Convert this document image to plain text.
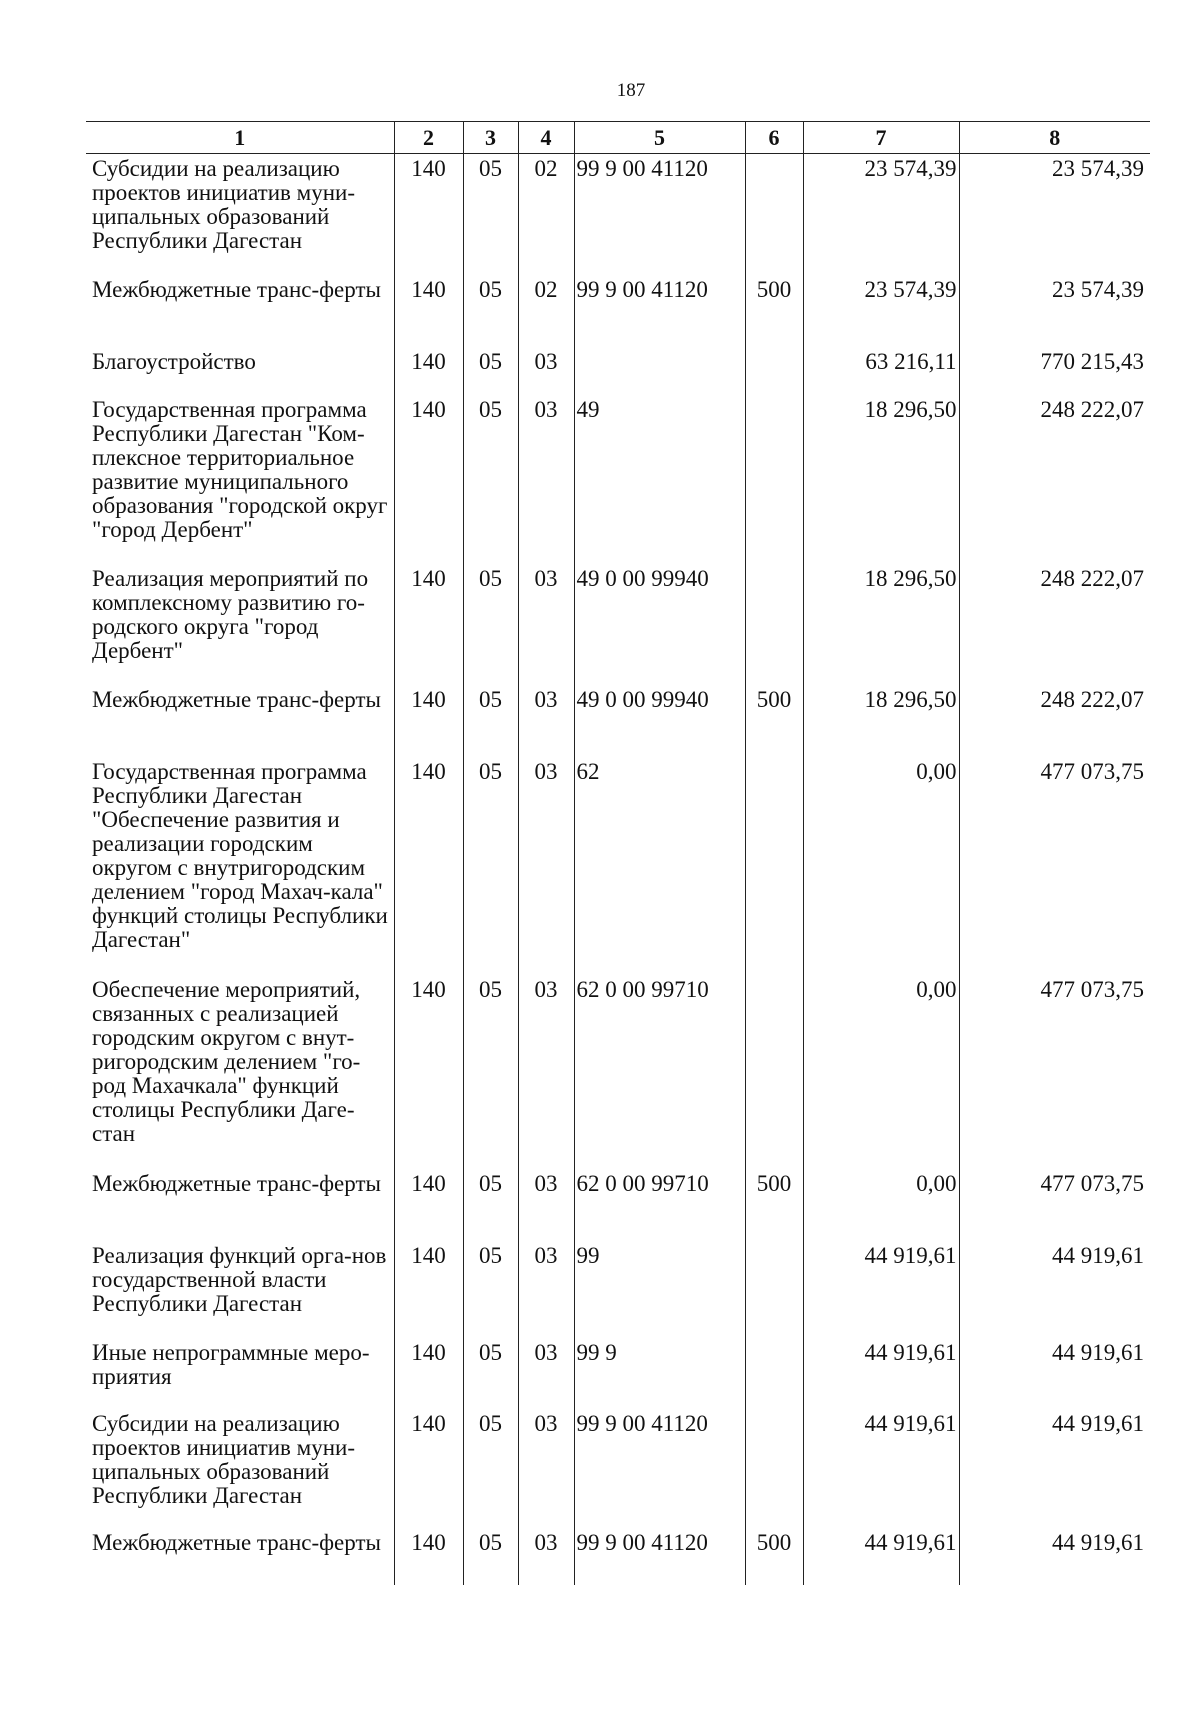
187
1	2	3	4	5	6	7	8
Субсидии на реализацию проектов инициатив муни-ципальных образований Республики Дагестан	140	05	02	99 9 00 41120		23 574,39	23 574,39
Межбюджетные транс-ферты	140	05	02	99 9 00 41120	500	23 574,39	23 574,39
Благоустройство	140	05	03			63 216,11	770 215,43
Государственная программа Республики Дагестан "Ком-плексное территориальное развитие муниципального образования "городской округ "город Дербент"	140	05	03	49		18 296,50	248 222,07
Реализация мероприятий по комплексному развитию го-родского округа "город Дербент"	140	05	03	49 0 00 99940		18 296,50	248 222,07
Межбюджетные транс-ферты	140	05	03	49 0 00 99940	500	18 296,50	248 222,07
Государственная программа Республики Дагестан "Обеспечение развития и реализации городским округом с внутригородским делением "город Махач-кала" функций столицы Республики Дагестан"	140	05	03	62		0,00	477 073,75
Обеспечение мероприятий, связанных с реализацией городским округом с внут-ригородским делением "го-род Махачкала" функций столицы Республики Даге-стан	140	05	03	62 0 00 99710		0,00	477 073,75
Межбюджетные транс-ферты	140	05	03	62 0 00 99710	500	0,00	477 073,75
Реализация функций орга-нов государственной власти Республики Дагестан	140	05	03	99		44 919,61	44 919,61
Иные непрограммные меро-приятия	140	05	03	99 9		44 919,61	44 919,61
Субсидии на реализацию проектов инициатив муни-ципальных образований Республики Дагестан	140	05	03	99 9 00 41120		44 919,61	44 919,61
Межбюджетные транс-ферты	140	05	03	99 9 00 41120	500	44 919,61	44 919,61
